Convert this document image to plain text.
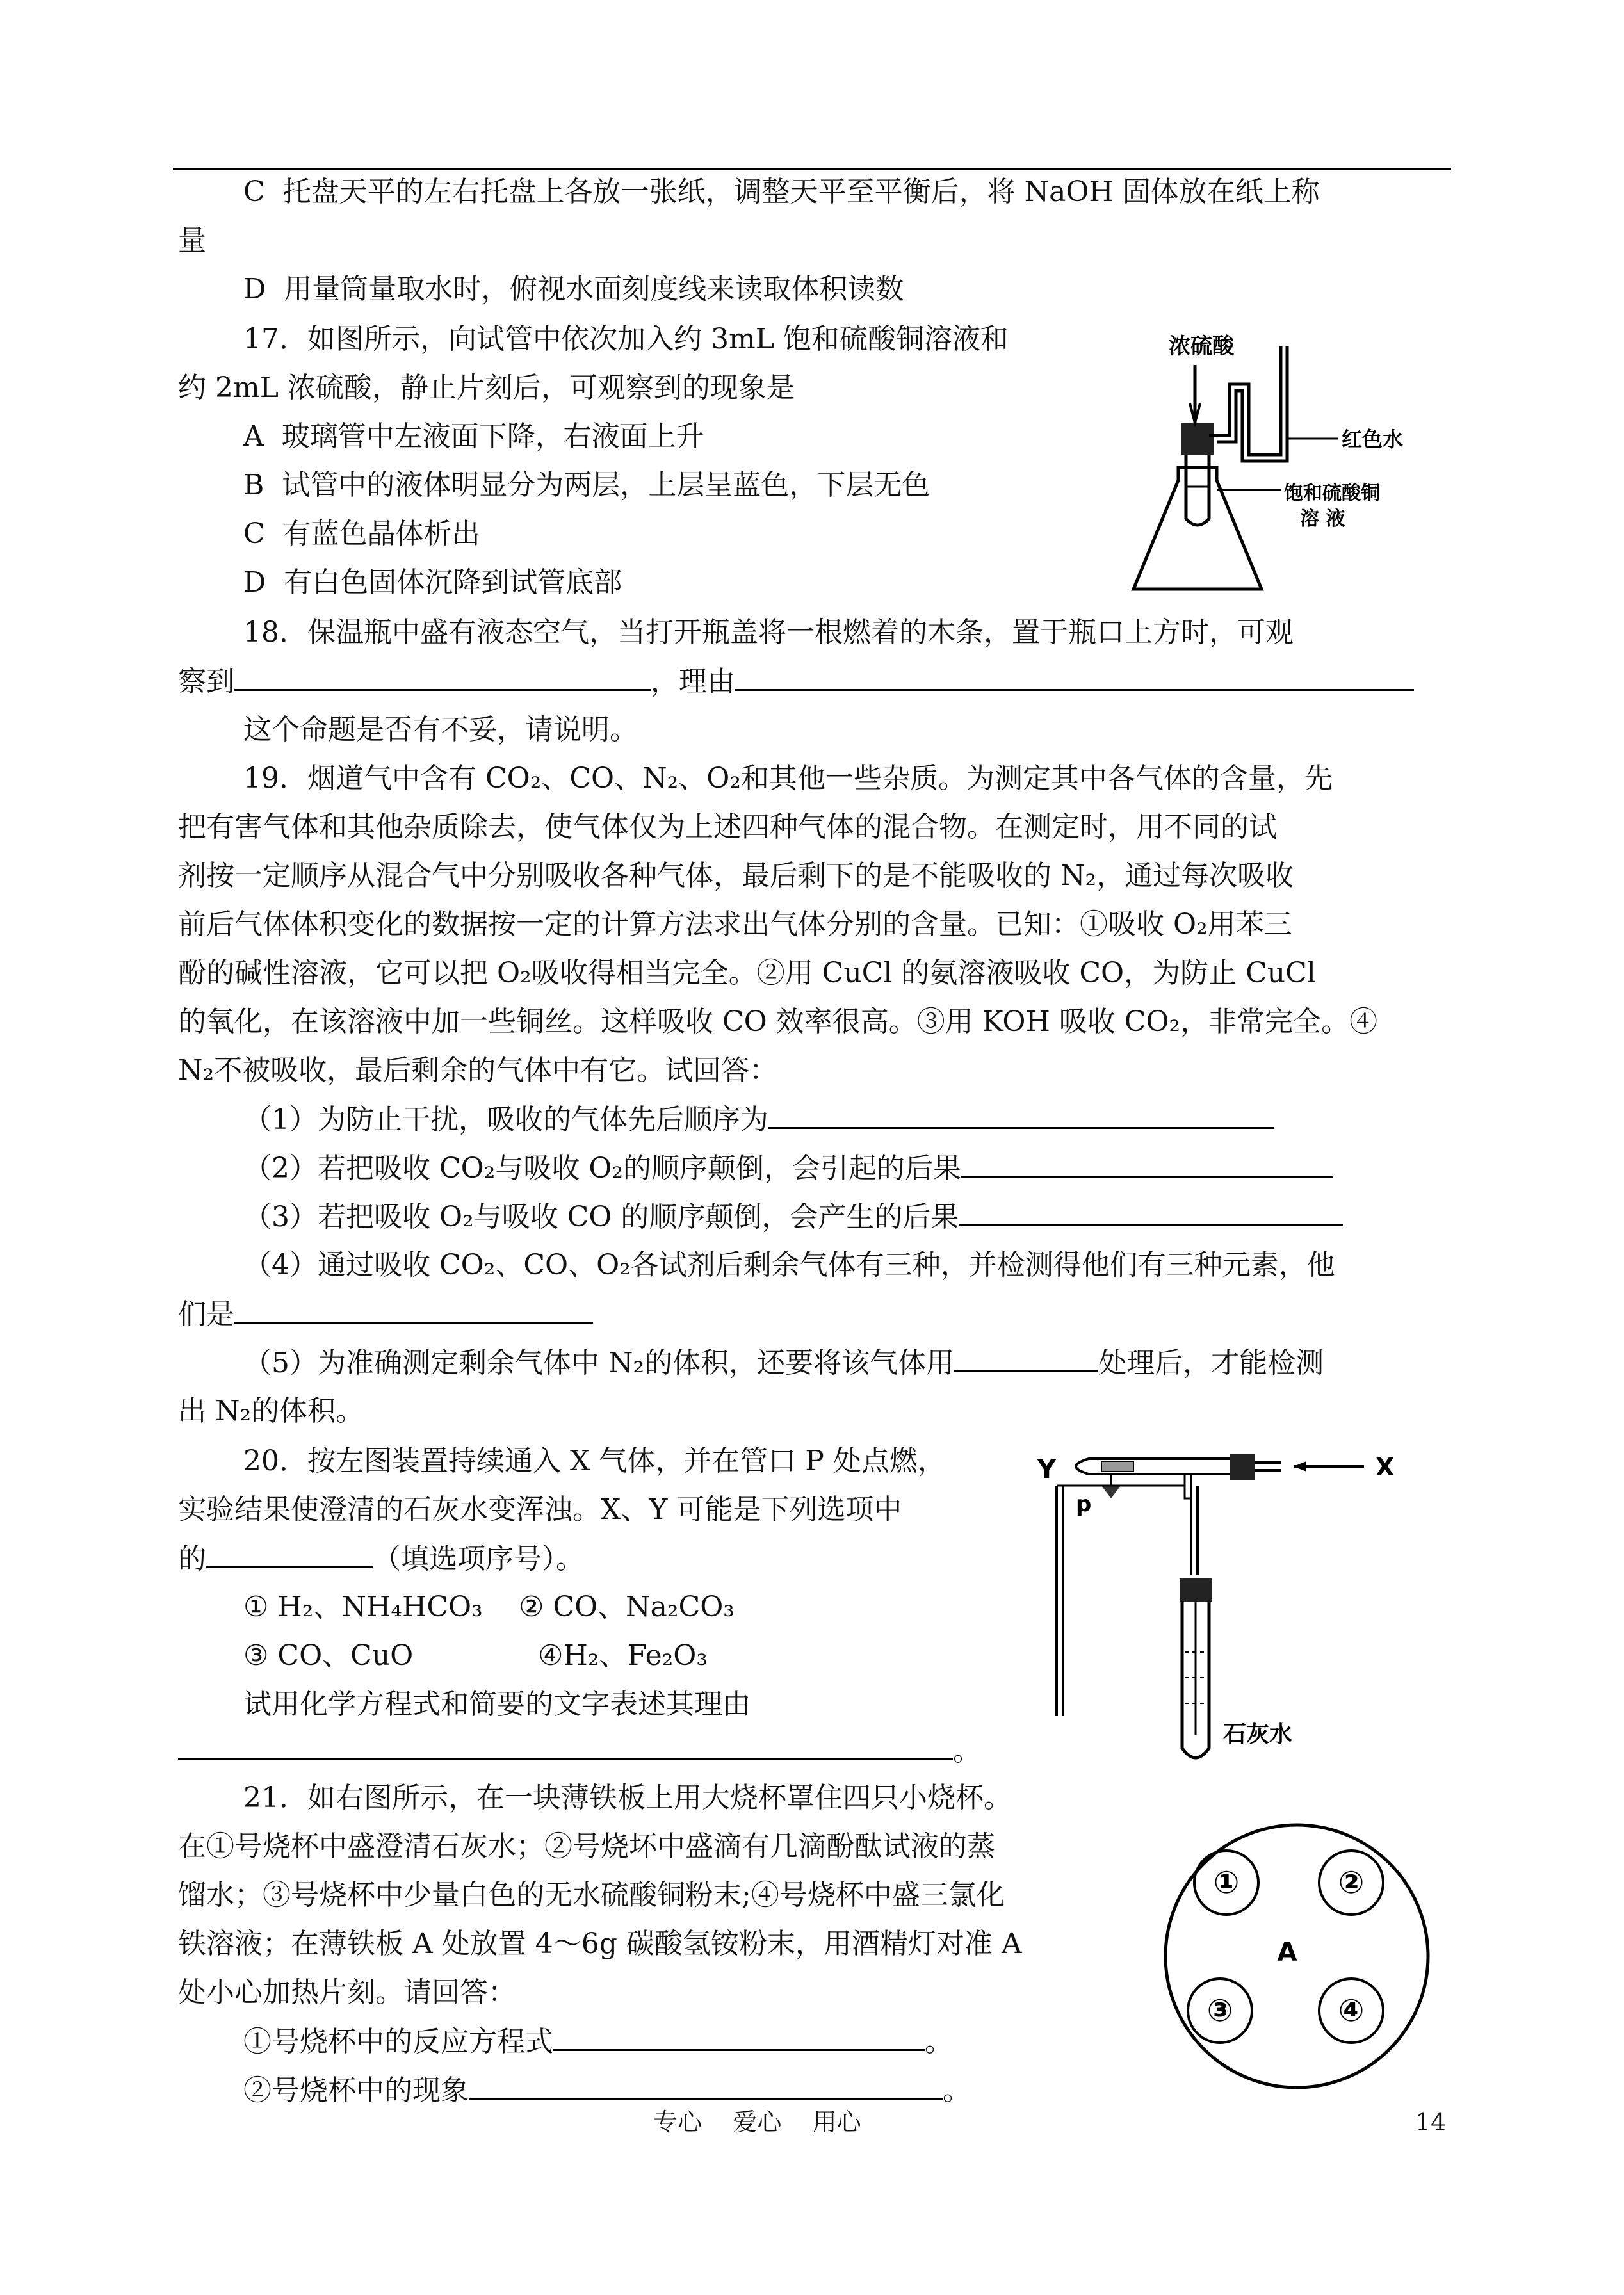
C  托盘天平的左右托盘上各放一张纸，调整天平至平衡后，将 NaOH 固体放在纸上称
量
D  用量筒量取水时，俯视水面刻度线来读取体积读数
17．如图所示，向试管中依次加入约 3mL 饱和硫酸铜溶液和
约 2mL 浓硫酸，静止片刻后，可观察到的现象是
A  玻璃管中左液面下降，右液面上升
B  试管中的液体明显分为两层，上层呈蓝色，下层无色
C  有蓝色晶体析出
D  有白色固体沉降到试管底部
浓硫酸
红色水
饱和硫酸铜
溶 液
18．保温瓶中盛有液态空气，当打开瓶盖将一根燃着的木条，置于瓶口上方时，可观
察到	，理由
这个命题是否有不妥，请说明。
19．烟道气中含有 CO₂、CO、N₂、O₂和其他一些杂质。为测定其中各气体的含量，先
把有害气体和其他杂质除去，使气体仅为上述四种气体的混合物。在测定时，用不同的试
剂按一定顺序从混合气中分别吸收各种气体，最后剩下的是不能吸收的 N₂，通过每次吸收
前后气体体积变化的数据按一定的计算方法求出气体分别的含量。已知：①吸收 O₂用苯三
酚的碱性溶液，它可以把 O₂吸收得相当完全。②用 CuCl 的氨溶液吸收 CO，为防止 CuCl
的氧化，在该溶液中加一些铜丝。这样吸收 CO 效率很高。③用 KOH 吸收 CO₂，非常完全。④
N₂不被吸收，最后剩余的气体中有它。试回答：
（1）为防止干扰，吸收的气体先后顺序为
（2）若把吸收 CO₂与吸收 O₂的顺序颠倒，会引起的后果
（3）若把吸收 O₂与吸收 CO 的顺序颠倒，会产生的后果
（4）通过吸收 CO₂、CO、O₂各试剂后剩余气体有三种，并检测得他们有三种元素，他
们是
（5）为准确测定剩余气体中 N₂的体积，还要将该气体用	处理后，才能检测
出 N₂的体积。
20．按左图装置持续通入 X 气体，并在管口 P 处点燃，
实验结果使澄清的石灰水变浑浊。X、Y 可能是下列选项中
的	（填选项序号）。
① H₂、NH₄HCO₃ ② CO、Na₂CO₃
③ CO、CuO	④H₂、Fe₂O₃
试用化学方程式和简要的文字表述其理由
。
Y
p
X
石灰水
21．如右图所示，在一块薄铁板上用大烧杯罩住四只小烧杯。
在①号烧杯中盛澄清石灰水；②号烧坏中盛滴有几滴酚酞试液的蒸
馏水；③号烧杯中少量白色的无水硫酸铜粉末;④号烧杯中盛三氯化
铁溶液；在薄铁板 A 处放置 4～6g 碳酸氢铵粉末，用酒精灯对准 A
处小心加热片刻。请回答：
①号烧杯中的反应方程式	。
②号烧杯中的现象	。
①	②
③	④
A
专心    爱心    用心	14
